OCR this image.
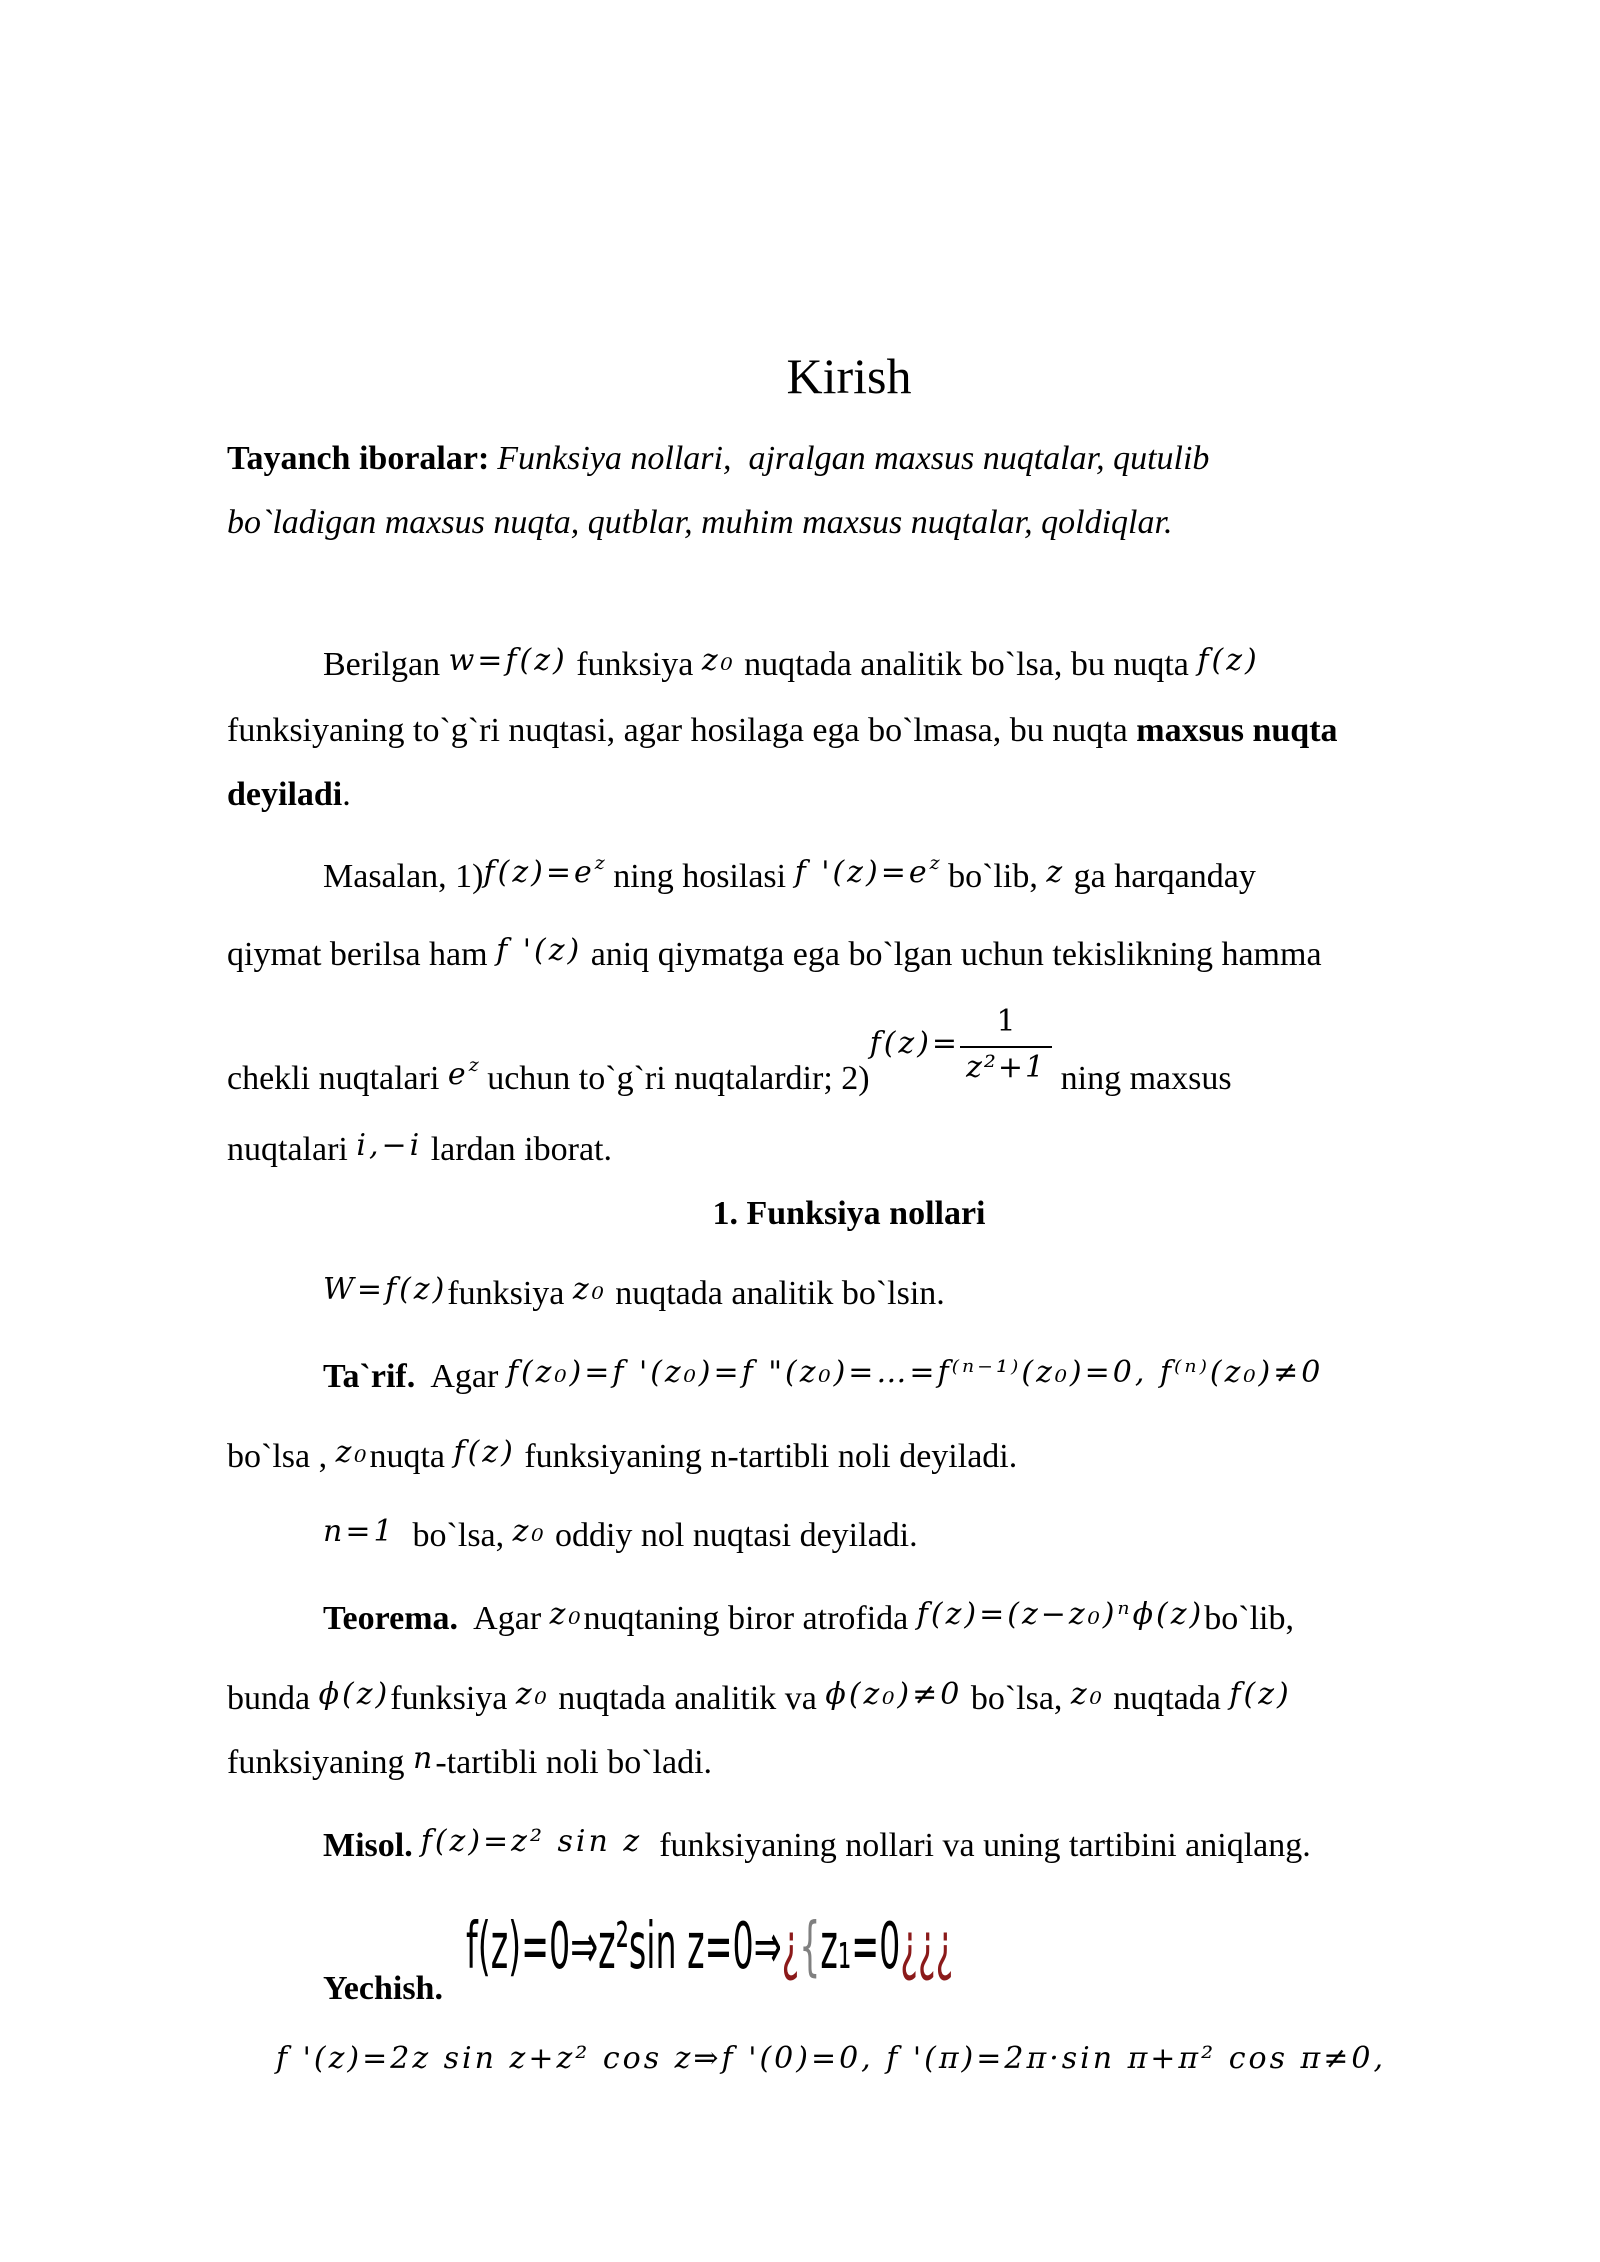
Kirish
Tayanch iboralar: Funksiya nollari,  ajralgan maxsus nuqtalar, qutulib
bo`ladigan maxsus nuqta, qutblar, muhim maxsus nuqtalar, qoldiqlar.
Berilgan w=f(z) funksiya z₀ nuqtada analitik bo`lsa, bu nuqta f(z)
funksiyaning to`g`ri nuqtasi, agar hosilaga ega bo`lmasa, bu nuqta maxsus nuqta
deyiladi.
Masalan, $1)f(z)=e^z$ ning hosilasi f '$(z)=e^z$ bo`lib, z ga harqanday
qiymat berilsa ham f '(z) aniq qiymatga ega bo`lgan uchun tekislikning hamma
chekli nuqtalari $e^z$ uchun to`g`ri nuqtalardir; 2)f(z)=
$\frac{1}{\text{z²+1}}$ ning maxsus
nuqtalari i,−i lardan iborat.
1. Funksiya nollari
W=f(z)funksiya z₀ nuqtada analitik bo`lsin.
Ta`rif.  Agar f(z₀)=f '(z₀)=f "(z₀)=…=f⁽ⁿ⁻¹⁾(z₀)=0, f⁽ⁿ⁾(z₀)≠0
bo`lsa , z₀nuqta f(z) funksiyaning n-tartibli noli deyiladi.
n=1  bo`lsa, z₀ oddiy nol nuqtasi deyiladi.
Teorema.  Agar z₀nuqtaning biror atrofida f(z)=(z−z₀)ⁿϕ(z)bo`lib,
bunda ϕ(z)funksiya z₀ nuqtada analitik va ϕ(z₀)≠0 bo`lsa, z₀ nuqtada f(z)
funksiyaning n-tartibli noli bo`ladi.
Misol. f(z)=z² sin z  funksiyaning nollari va uning tartibini aniqlang.
Yechish.
f(z)=0⇒z²sin z=0⇒¿{z₁=0¿¿¿
f '(z)=2z sin z+z² cos z⇒f '(0)=0, f '(π)=2π·sin π+π² cos π≠0,
